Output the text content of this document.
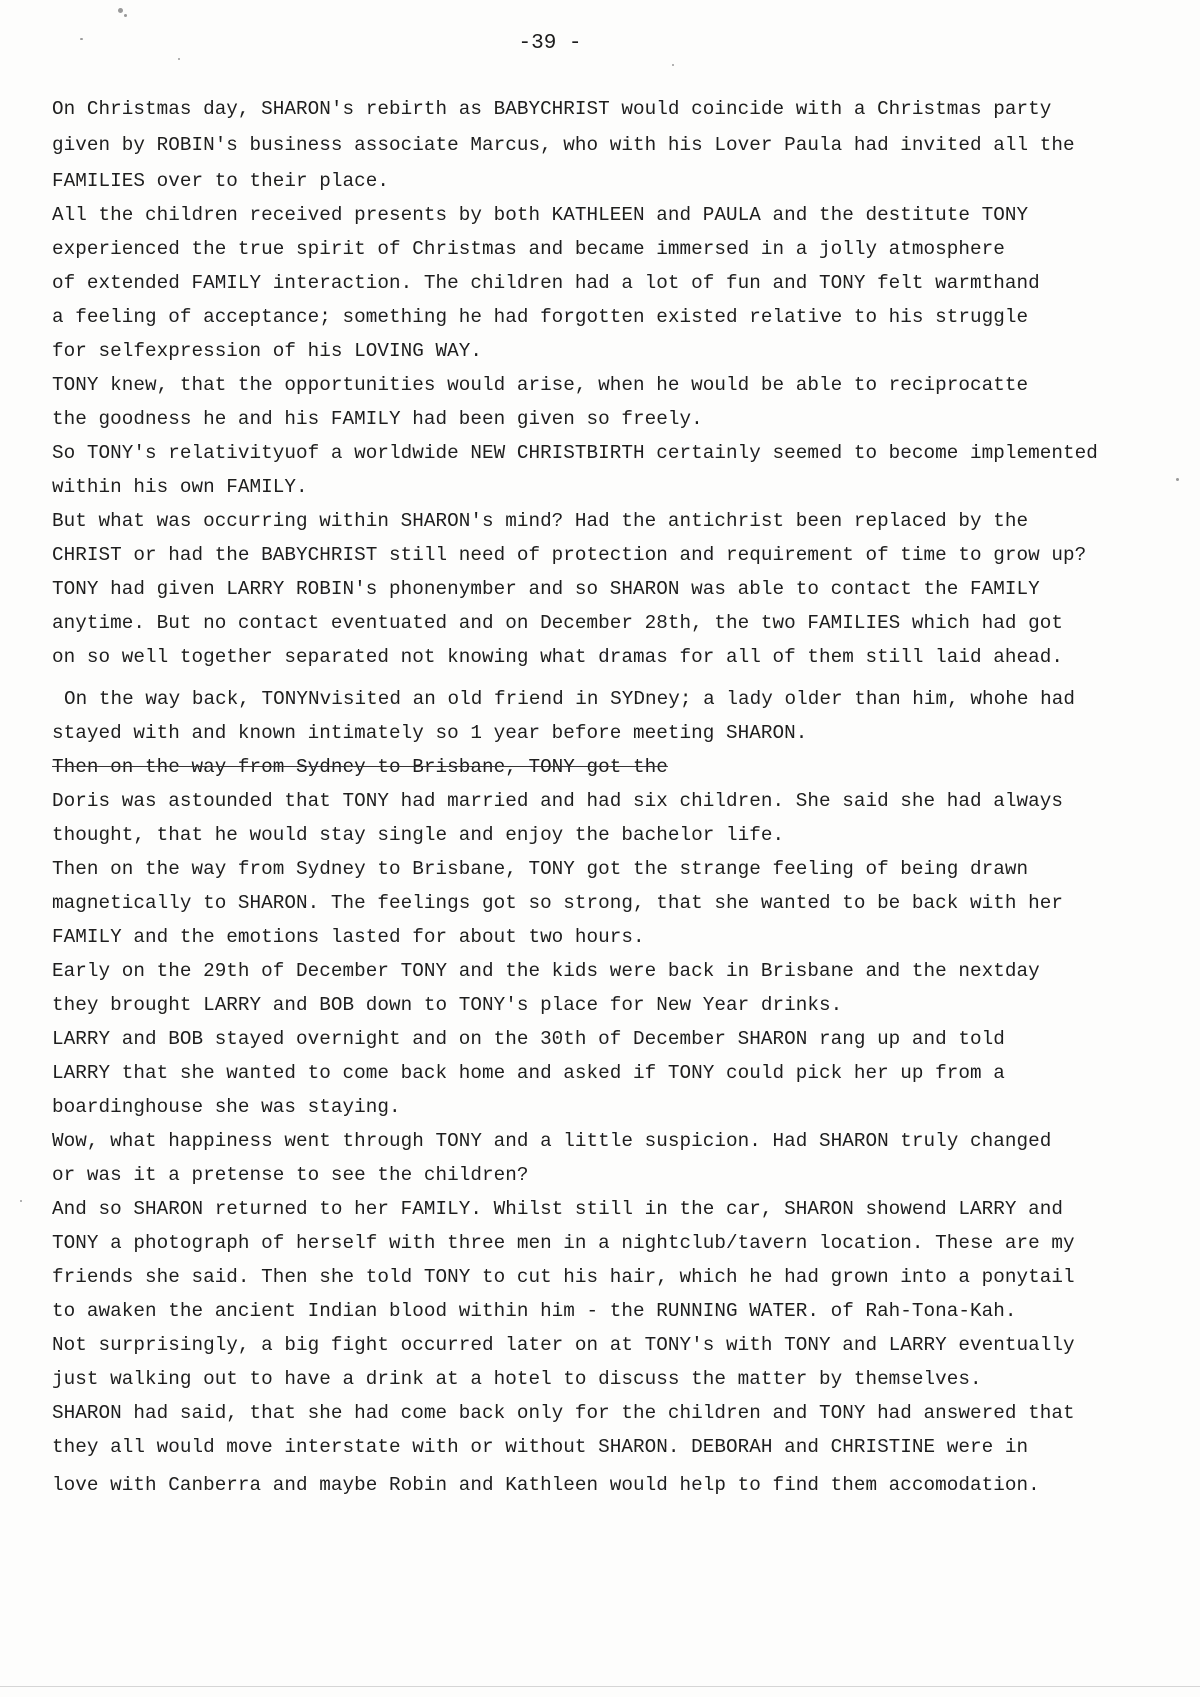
-39 -
On Christmas day, SHARON's rebirth as BABYCHRIST would coincide with a Christmas party
given by ROBIN's business associate Marcus, who with his Lover Paula had invited all the
FAMILIES over to their place.
All the children received presents by both KATHLEEN and PAULA and the destitute TONY
experienced the true spirit of Christmas and became immersed in a jolly atmosphere
of extended FAMILY interaction. The children had a lot of fun and TONY felt warmthand
a feeling of acceptance; something he had forgotten existed relative to his struggle
for selfexpression of his LOVING WAY.
TONY knew, that the opportunities would arise, when he would be able to reciprocatte
the goodness he and his FAMILY had been given so freely.
So TONY's relativityuof a worldwide NEW CHRISTBIRTH certainly seemed to become implemented
within his own FAMILY.
But what was occurring within SHARON's mind? Had the antichrist been replaced by the
CHRIST or had the BABYCHRIST still need of protection and requirement of time to grow up?
TONY had given LARRY ROBIN's phonenymber and so SHARON was able to contact the FAMILY
anytime. But no contact eventuated and on December 28th, the two FAMILIES which had got
on so well together separated not knowing what dramas for all of them still laid ahead.
On the way back, TONYNvisited an old friend in SYDney; a lady older than him, whohe had
stayed with and known intimately so 1 year before meeting SHARON.
Then on the way from Sydney to Brisbane, TONY got the
Doris was astounded that TONY had married and had six children. She said she had always
thought, that he would stay single and enjoy the bachelor life.
Then on the way from Sydney to Brisbane, TONY got the strange feeling of being drawn
magnetically to SHARON. The feelings got so strong, that she wanted to be back with her
FAMILY and the emotions lasted for about two hours.
Early on the 29th of December TONY and the kids were back in Brisbane and the nextday
they brought LARRY and BOB down to TONY's place for New Year drinks.
LARRY and BOB stayed overnight and on the 30th of December SHARON rang up and told
LARRY that she wanted to come back home and asked if TONY could pick her up from a
boardinghouse she was staying.
Wow, what happiness went through TONY and a little suspicion. Had SHARON truly changed
or was it a pretense to see the children?
And so SHARON returned to her FAMILY. Whilst still in the car, SHARON showend LARRY and
TONY a photograph of herself with three men in a nightclub/tavern location. These are my
friends she said. Then she told TONY to cut his hair, which he had grown into a ponytail
to awaken the ancient Indian blood within him - the RUNNING WATER. of Rah-Tona-Kah.
Not surprisingly, a big fight occurred later on at TONY's with TONY and LARRY eventually
just walking out to have a drink at a hotel to discuss the matter by themselves.
SHARON had said, that she had come back only for the children and TONY had answered that
they all would move interstate with or without SHARON. DEBORAH and CHRISTINE were in
love with Canberra and maybe Robin and Kathleen would help to find them accomodation.
